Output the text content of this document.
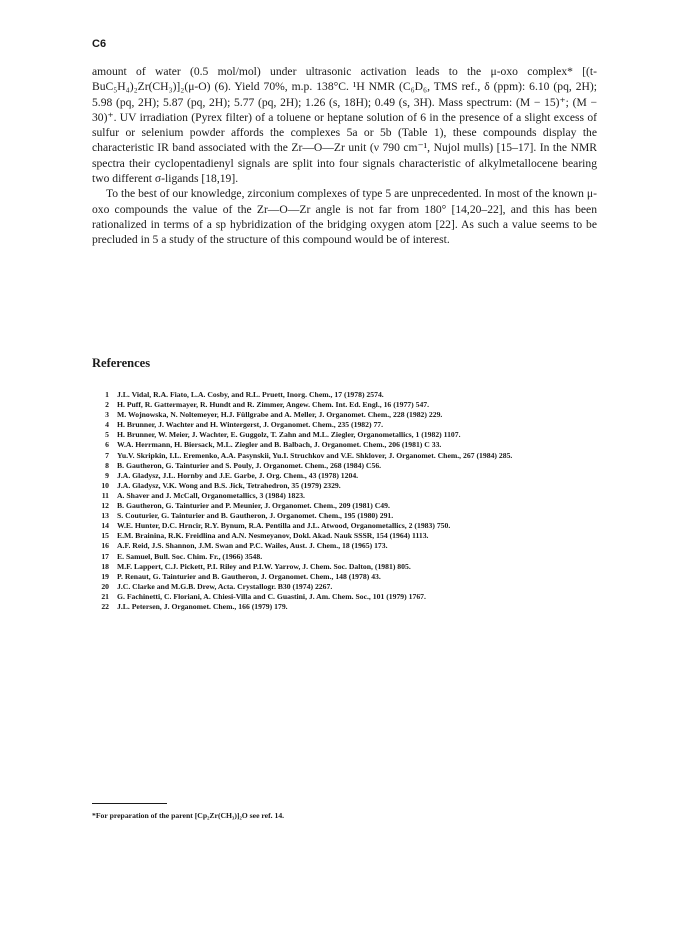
C6

amount of water (0.5 mol/mol) under ultrasonic activation leads to the μ-oxo complex* [(t-BuC₅H₄)₂Zr(CH₃)]₂(μ-O) (6). Yield 70%, m.p. 138°C. ¹H NMR (C₆D₆, TMS ref., δ (ppm): 6.10 (pq, 2H); 5.98 (pq, 2H); 5.87 (pq, 2H); 5.77 (pq, 2H); 1.26 (s, 18H); 0.49 (s, 3H). Mass spectrum: (M − 15)⁺; (M − 30)⁺. UV irradiation (Pyrex filter) of a toluene or heptane solution of 6 in the presence of a slight excess of sulfur or selenium powder affords the complexes 5a or 5b (Table 1), these compounds display the characteristic IR band associated with the Zr—O—Zr unit (ν 790 cm⁻¹, Nujol mulls) [15–17]. In the NMR spectra their cyclopentadienyl signals are split into four signals characteristic of alkylmetallocene bearing two different σ-ligands [18,19].

To the best of our knowledge, zirconium complexes of type 5 are unprecedented. In most of the known μ-oxo compounds the value of the Zr—O—Zr angle is not far from 180° [14,20–22], and this has been rationalized in terms of a sp hybridization of the bridging oxygen atom [22]. As such a value seems to be precluded in 5 a study of the structure of this compound would be of interest.

References
1	J.L. Vidal, R.A. Fiato, L.A. Cosby, and R.L. Pruett, Inorg. Chem., 17 (1978) 2574.
2	H. Puff, R. Gattermayer, R. Hundt and R. Zimmer, Angew. Chem. Int. Ed. Engl., 16 (1977) 547.
3	M. Wojnowska, N. Noltemeyer, H.J. Füllgrabe and A. Meller, J. Organomet. Chem., 228 (1982) 229.
4	H. Brunner, J. Wachter and H. Wintergerst, J. Organomet. Chem., 235 (1982) 77.
5	H. Brunner, W. Meier, J. Wachter, E. Guggolz, T. Zahn and M.L. Ziegler, Organometallics, 1 (1982) 1107.
6	W.A. Herrmann, H. Biersack, M.L. Ziegler and B. Balbach, J. Organomet. Chem., 206 (1981) C 33.
7	Yu.V. Skripkin, I.L. Eremenko, A.A. Pasynskii, Yu.I. Struchkov and V.E. Shklover, J. Organomet. Chem., 267 (1984) 285.
8	B. Gautheron, G. Tainturier and S. Pouly, J. Organomet. Chem., 268 (1984) C56.
9	J.A. Gladysz, J.L. Hornby and J.E. Garbe, J. Org. Chem., 43 (1978) 1204.
10	J.A. Gladysz, V.K. Wong and B.S. Jick, Tetrahedron, 35 (1979) 2329.
11	A. Shaver and J. McCall, Organometallics, 3 (1984) 1823.
12	B. Gautheron, G. Tainturier and P. Meunier, J. Organomet. Chem., 209 (1981) C49.
13	S. Couturier, G. Tainturier and B. Gautheron, J. Organomet. Chem., 195 (1980) 291.
14	W.E. Hunter, D.C. Hrncir, R.Y. Bynum, R.A. Pentilla and J.L. Atwood, Organometallics, 2 (1983) 750.
15	E.M. Brainina, R.K. Freidlina and A.N. Nesmeyanov, Dokl. Akad. Nauk SSSR, 154 (1964) 1113.
16	A.F. Reid, J.S. Shannon, J.M. Swan and P.C. Wailes, Aust. J. Chem., 18 (1965) 173.
17	E. Samuel, Bull. Soc. Chim. Fr., (1966) 3548.
18	M.F. Lappert, C.J. Pickett, P.I. Riley and P.I.W. Yarrow, J. Chem. Soc. Dalton, (1981) 805.
19	P. Renaut, G. Tainturier and B. Gautheron, J. Organomet. Chem., 148 (1978) 43.
20	J.C. Clarke and M.G.B. Drew, Acta. Crystallogr. B30 (1974) 2267.
21	G. Fachinetti, C. Floriani, A. Chiesi-Villa and C. Guastini, J. Am. Chem. Soc., 101 (1979) 1767.
22	J.L. Petersen, J. Organomet. Chem., 166 (1979) 179.
*For preparation of the parent [Cp₂Zr(CH₃)]₂O see ref. 14.
